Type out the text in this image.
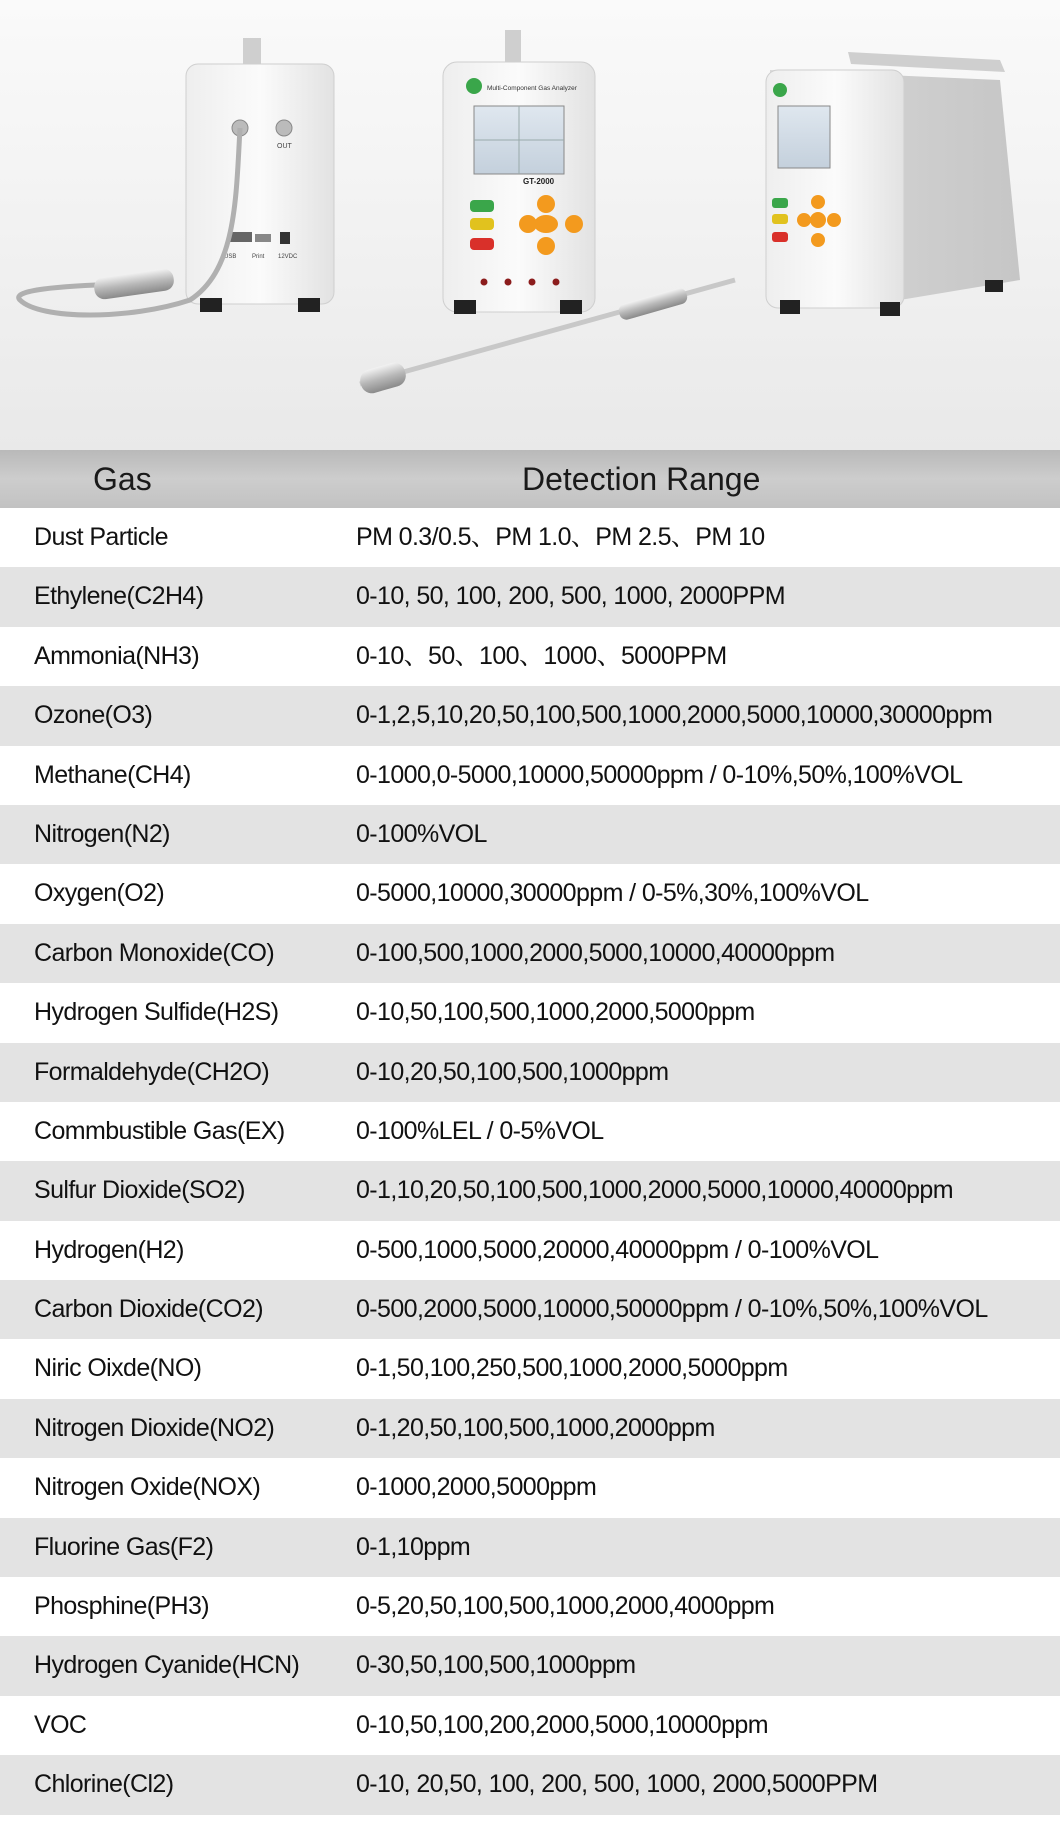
OUT
USB	Print 12VDC
Multi-Component Gas Analyzer
GT-2000
Gas	Detection Range
Dust Particle	PM 0.3/0.5、PM 1.0、PM 2.5、PM 10
Ethylene(C2H4)	0-10, 50, 100, 200, 500, 1000, 2000PPM
Ammonia(NH3)	0-10、50、100、1000、5000PPM
Ozone(O3)	0-1,2,5,10,20,50,100,500,1000,2000,5000,10000,30000ppm
Methane(CH4)	0-1000,0-5000,10000,50000ppm / 0-10%,50%,100%VOL
Nitrogen(N2)	0-100%VOL
Oxygen(O2)	0-5000,10000,30000ppm / 0-5%,30%,100%VOL
Carbon Monoxide(CO)	0-100,500,1000,2000,5000,10000,40000ppm
Hydrogen Sulfide(H2S)	0-10,50,100,500,1000,2000,5000ppm
Formaldehyde(CH2O)	0-10,20,50,100,500,1000ppm
Commbustible Gas(EX)	0-100%LEL / 0-5%VOL
Sulfur Dioxide(SO2)	0-1,10,20,50,100,500,1000,2000,5000,10000,40000ppm
Hydrogen(H2)	0-500,1000,5000,20000,40000ppm / 0-100%VOL
Carbon Dioxide(CO2)	0-500,2000,5000,10000,50000ppm / 0-10%,50%,100%VOL
Niric Oixde(NO)	0-1,50,100,250,500,1000,2000,5000ppm
Nitrogen Dioxide(NO2)	0-1,20,50,100,500,1000,2000ppm
Nitrogen Oxide(NOX)	0-1000,2000,5000ppm
Fluorine Gas(F2)	0-1,10ppm
Phosphine(PH3)	0-5,20,50,100,500,1000,2000,4000ppm
Hydrogen Cyanide(HCN) 0-30,50,100,500,1000ppm
VOC	0-10,50,100,200,2000,5000,10000ppm
Chlorine(Cl2)	0-10, 20,50, 100, 200, 500, 1000, 2000,5000PPM
